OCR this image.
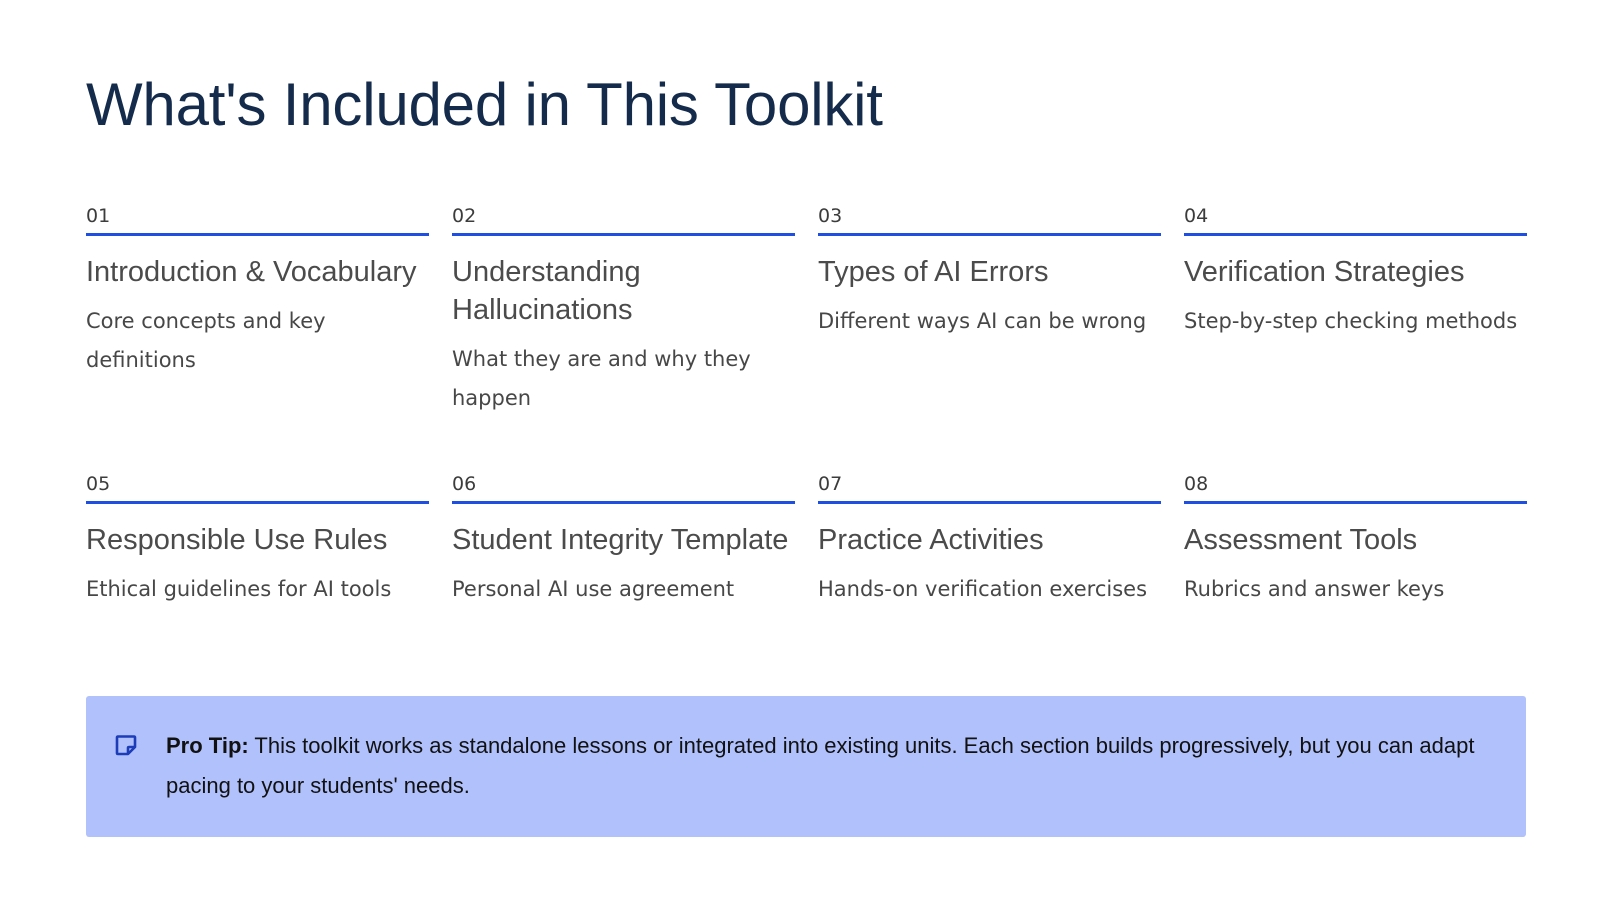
What's Included in This Toolkit
01
Introduction & Vocabulary

Core concepts and key definitions

02
Understanding Hallucinations

What they are and why they happen

03
Types of AI Errors

Different ways AI can be wrong

04
Verification Strategies

Step-by-step checking methods

05
Responsible Use Rules

Ethical guidelines for AI tools

06
Student Integrity Template

Personal AI use agreement

07
Practice Activities

Hands-on verification exercises

08
Assessment Tools

Rubrics and answer keys

Pro Tip: This toolkit works as standalone lessons or integrated into existing units. Each section builds progressively, but you can adapt pacing to your students' needs.
